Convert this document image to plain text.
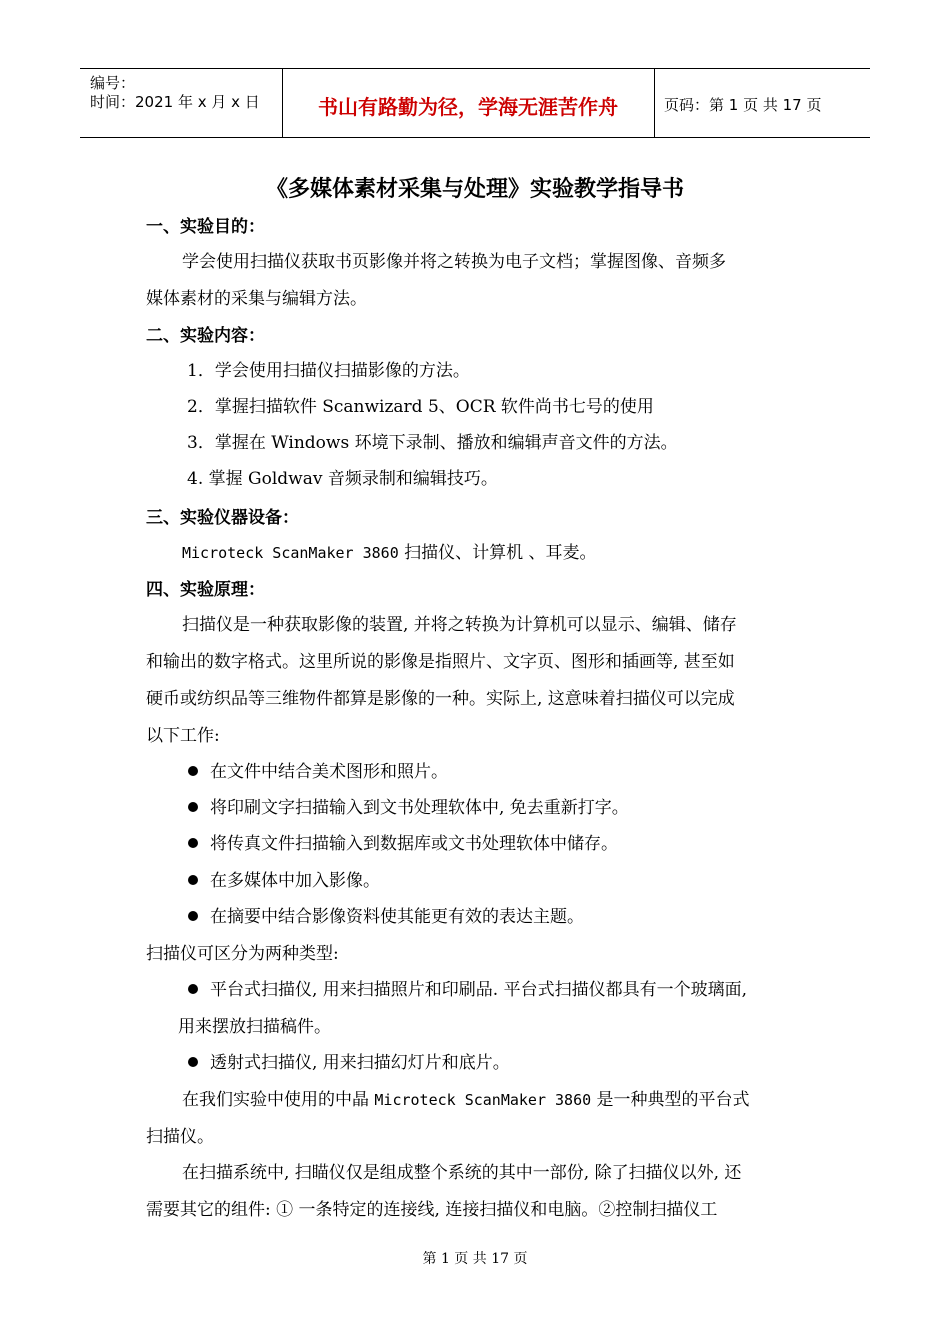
编号：
时间：2021 年 x 月 x 日	书山有路勤为径，学海无涯苦作舟	页码：第 1 页 共 17 页
《多媒体素材采集与处理》实验教学指导书
一、实验目的：
学会使用扫描仪获取书页影像并将之转换为电子文档；掌握图像、音频多
媒体素材的采集与编辑方法。
二、实验内容：
1．学会使用扫描仪扫描影像的方法。
2．掌握扫描软件 Scanwizard 5、OCR 软件尚书七号的使用
3．掌握在 Windows 环境下录制、播放和编辑声音文件的方法。
4. 掌握 Goldwav 音频录制和编辑技巧。
三、实验仪器设备：
Microteck ScanMaker 3860 扫描仪、计算机 、耳麦。
四、实验原理：
扫描仪是一种获取影像的装置, 并将之转换为计算机可以显示、编辑、储存
和输出的数字格式。这里所说的影像是指照片、文字页、图形和插画等, 甚至如
硬币或纺织品等三维物件都算是影像的一种。实际上, 这意味着扫描仪可以完成
以下工作:
在文件中结合美术图形和照片。
将印刷文字扫描输入到文书处理软体中, 免去重新打字。
将传真文件扫描输入到数据库或文书处理软体中储存。
在多媒体中加入影像。
在摘要中结合影像资料使其能更有效的表达主题。
扫描仪可区分为两种类型:
平台式扫描仪, 用来扫描照片和印刷品. 平台式扫描仪都具有一个玻璃面,
用来摆放扫描稿件。
透射式扫描仪, 用来扫描幻灯片和底片。
在我们实验中使用的中晶 Microteck ScanMaker 3860 是一种典型的平台式
扫描仪。
在扫描系统中, 扫瞄仪仅是组成整个系统的其中一部份, 除了扫描仪以外, 还
需要其它的组件: ① 一条特定的连接线, 连接扫描仪和电脑。②控制扫描仪工
第 1 页 共 17 页
